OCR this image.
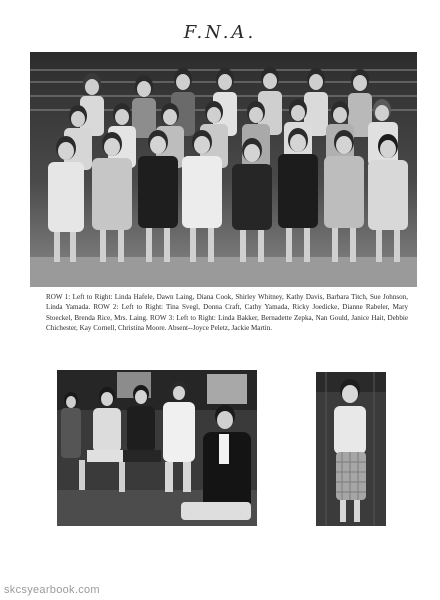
F.N.A.
ROW 1: Left to Right: Linda Hafele, Dawn Laing, Diana Cook, Shirley Whitney, Kathy Davis, Barbara Titch, Sue Johnson, Linda Yamada. ROW 2: Left to Right: Tina Svegl, Donna Craft, Cathy Yamada, Ricky Joedicke, Dianne Rabeler, Mary Stoeckel, Brenda Rice, Mrs. Laing. ROW 3: Left to Right: Linda Bakker, Bernadette Zepka, Nan Gould, Janice Hait, Debbie Chichester, Kay Cornell, Christina Moore. Absent--Joyce Peletz, Jackie Martin.
skcsyearbook.com
